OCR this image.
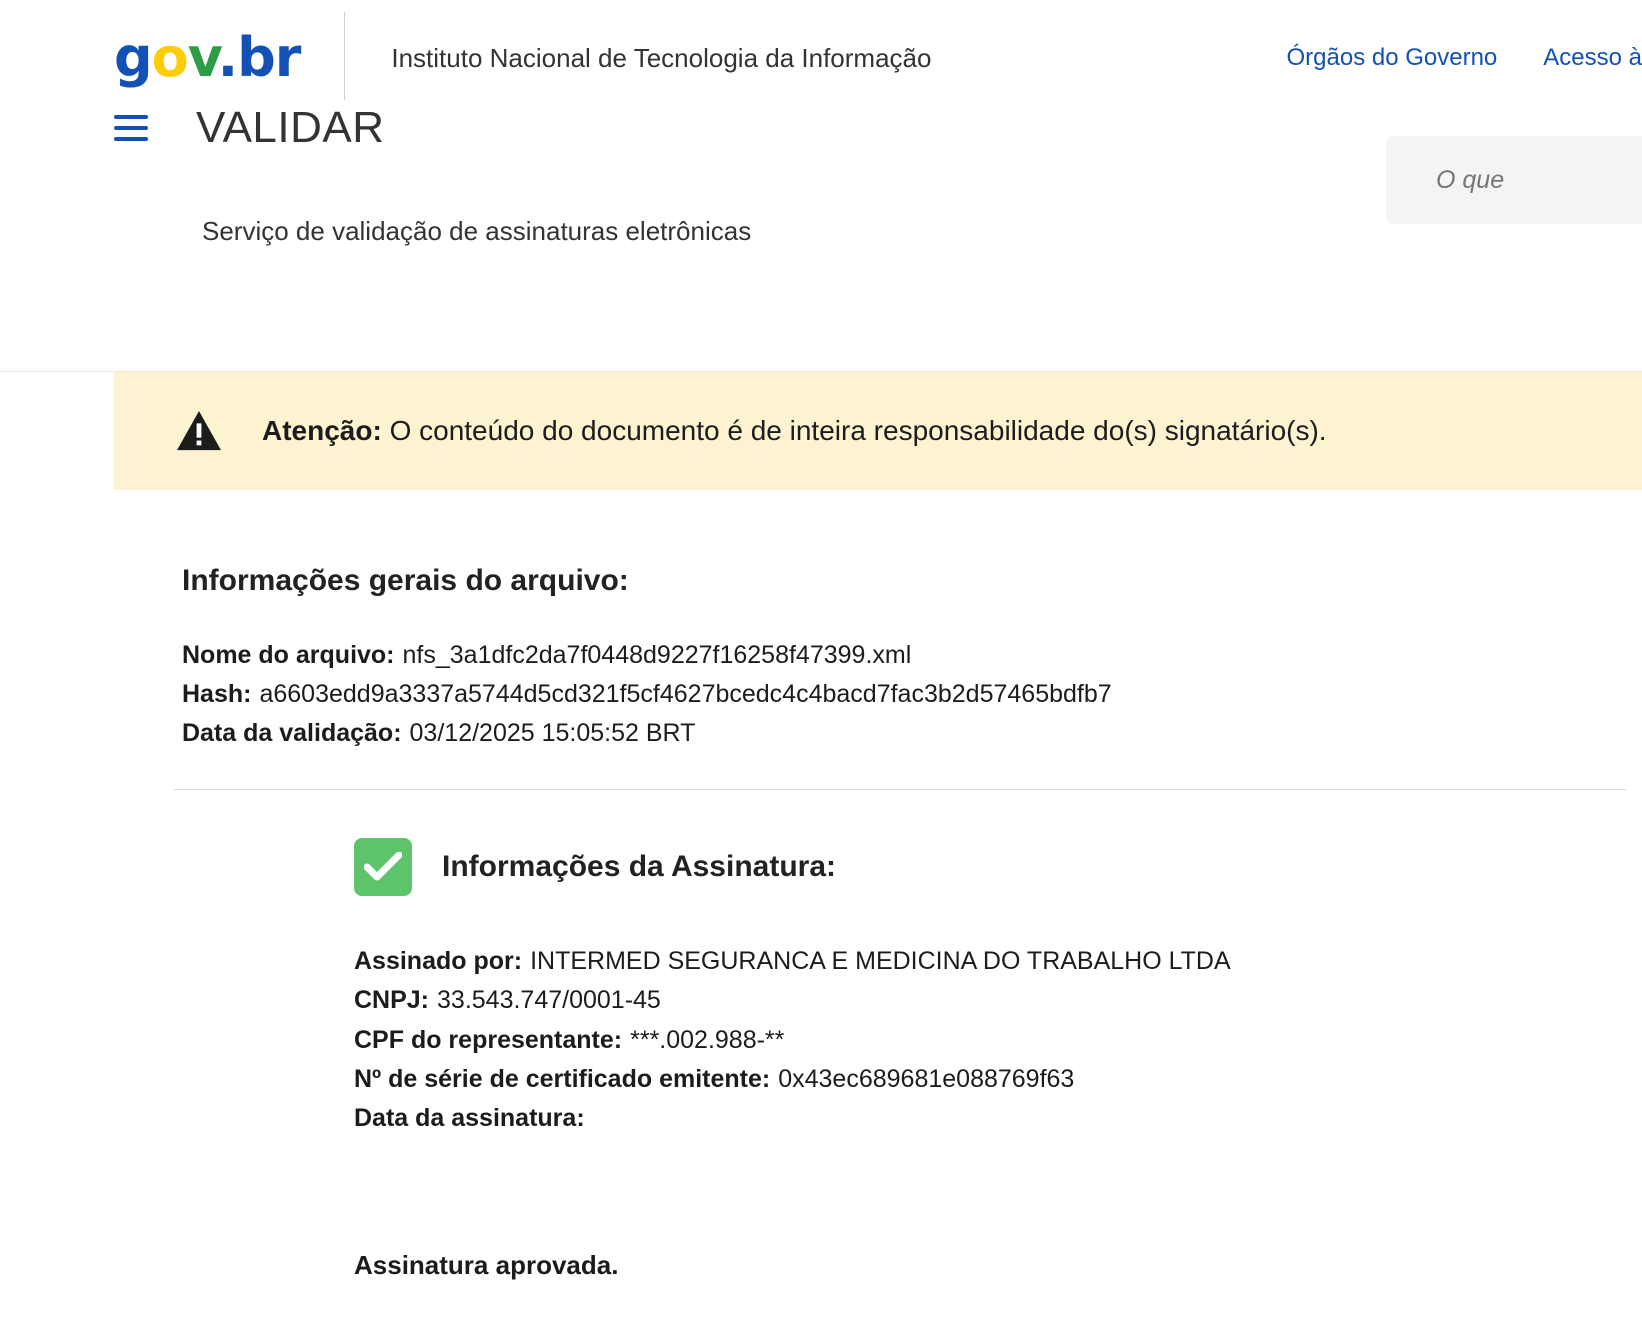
gov.br	Instituto Nacional de Tecnologia da Informação	Órgãos do Governo Acesso à
VALIDAR
O que
Serviço de validação de assinaturas eletrônicas
Atenção: O conteúdo do documento é de inteira responsabilidade do(s) signatário(s).
Informações gerais do arquivo:
Nome do arquivo: nfs_3a1dfc2da7f0448d9227f16258f47399.xml
Hash: a6603edd9a3337a5744d5cd321f5cf4627bcedc4c4bacd7fac3b2d57465bdfb7
Data da validação: 03/12/2025 15:05:52 BRT
Informações da Assinatura:
Assinado por: INTERMED SEGURANCA E MEDICINA DO TRABALHO LTDA
CNPJ: 33.543.747/0001-45
CPF do representante: ***.002.988-**
Nº de série de certificado emitente: 0x43ec689681e088769f63
Data da assinatura:
Assinatura aprovada.
